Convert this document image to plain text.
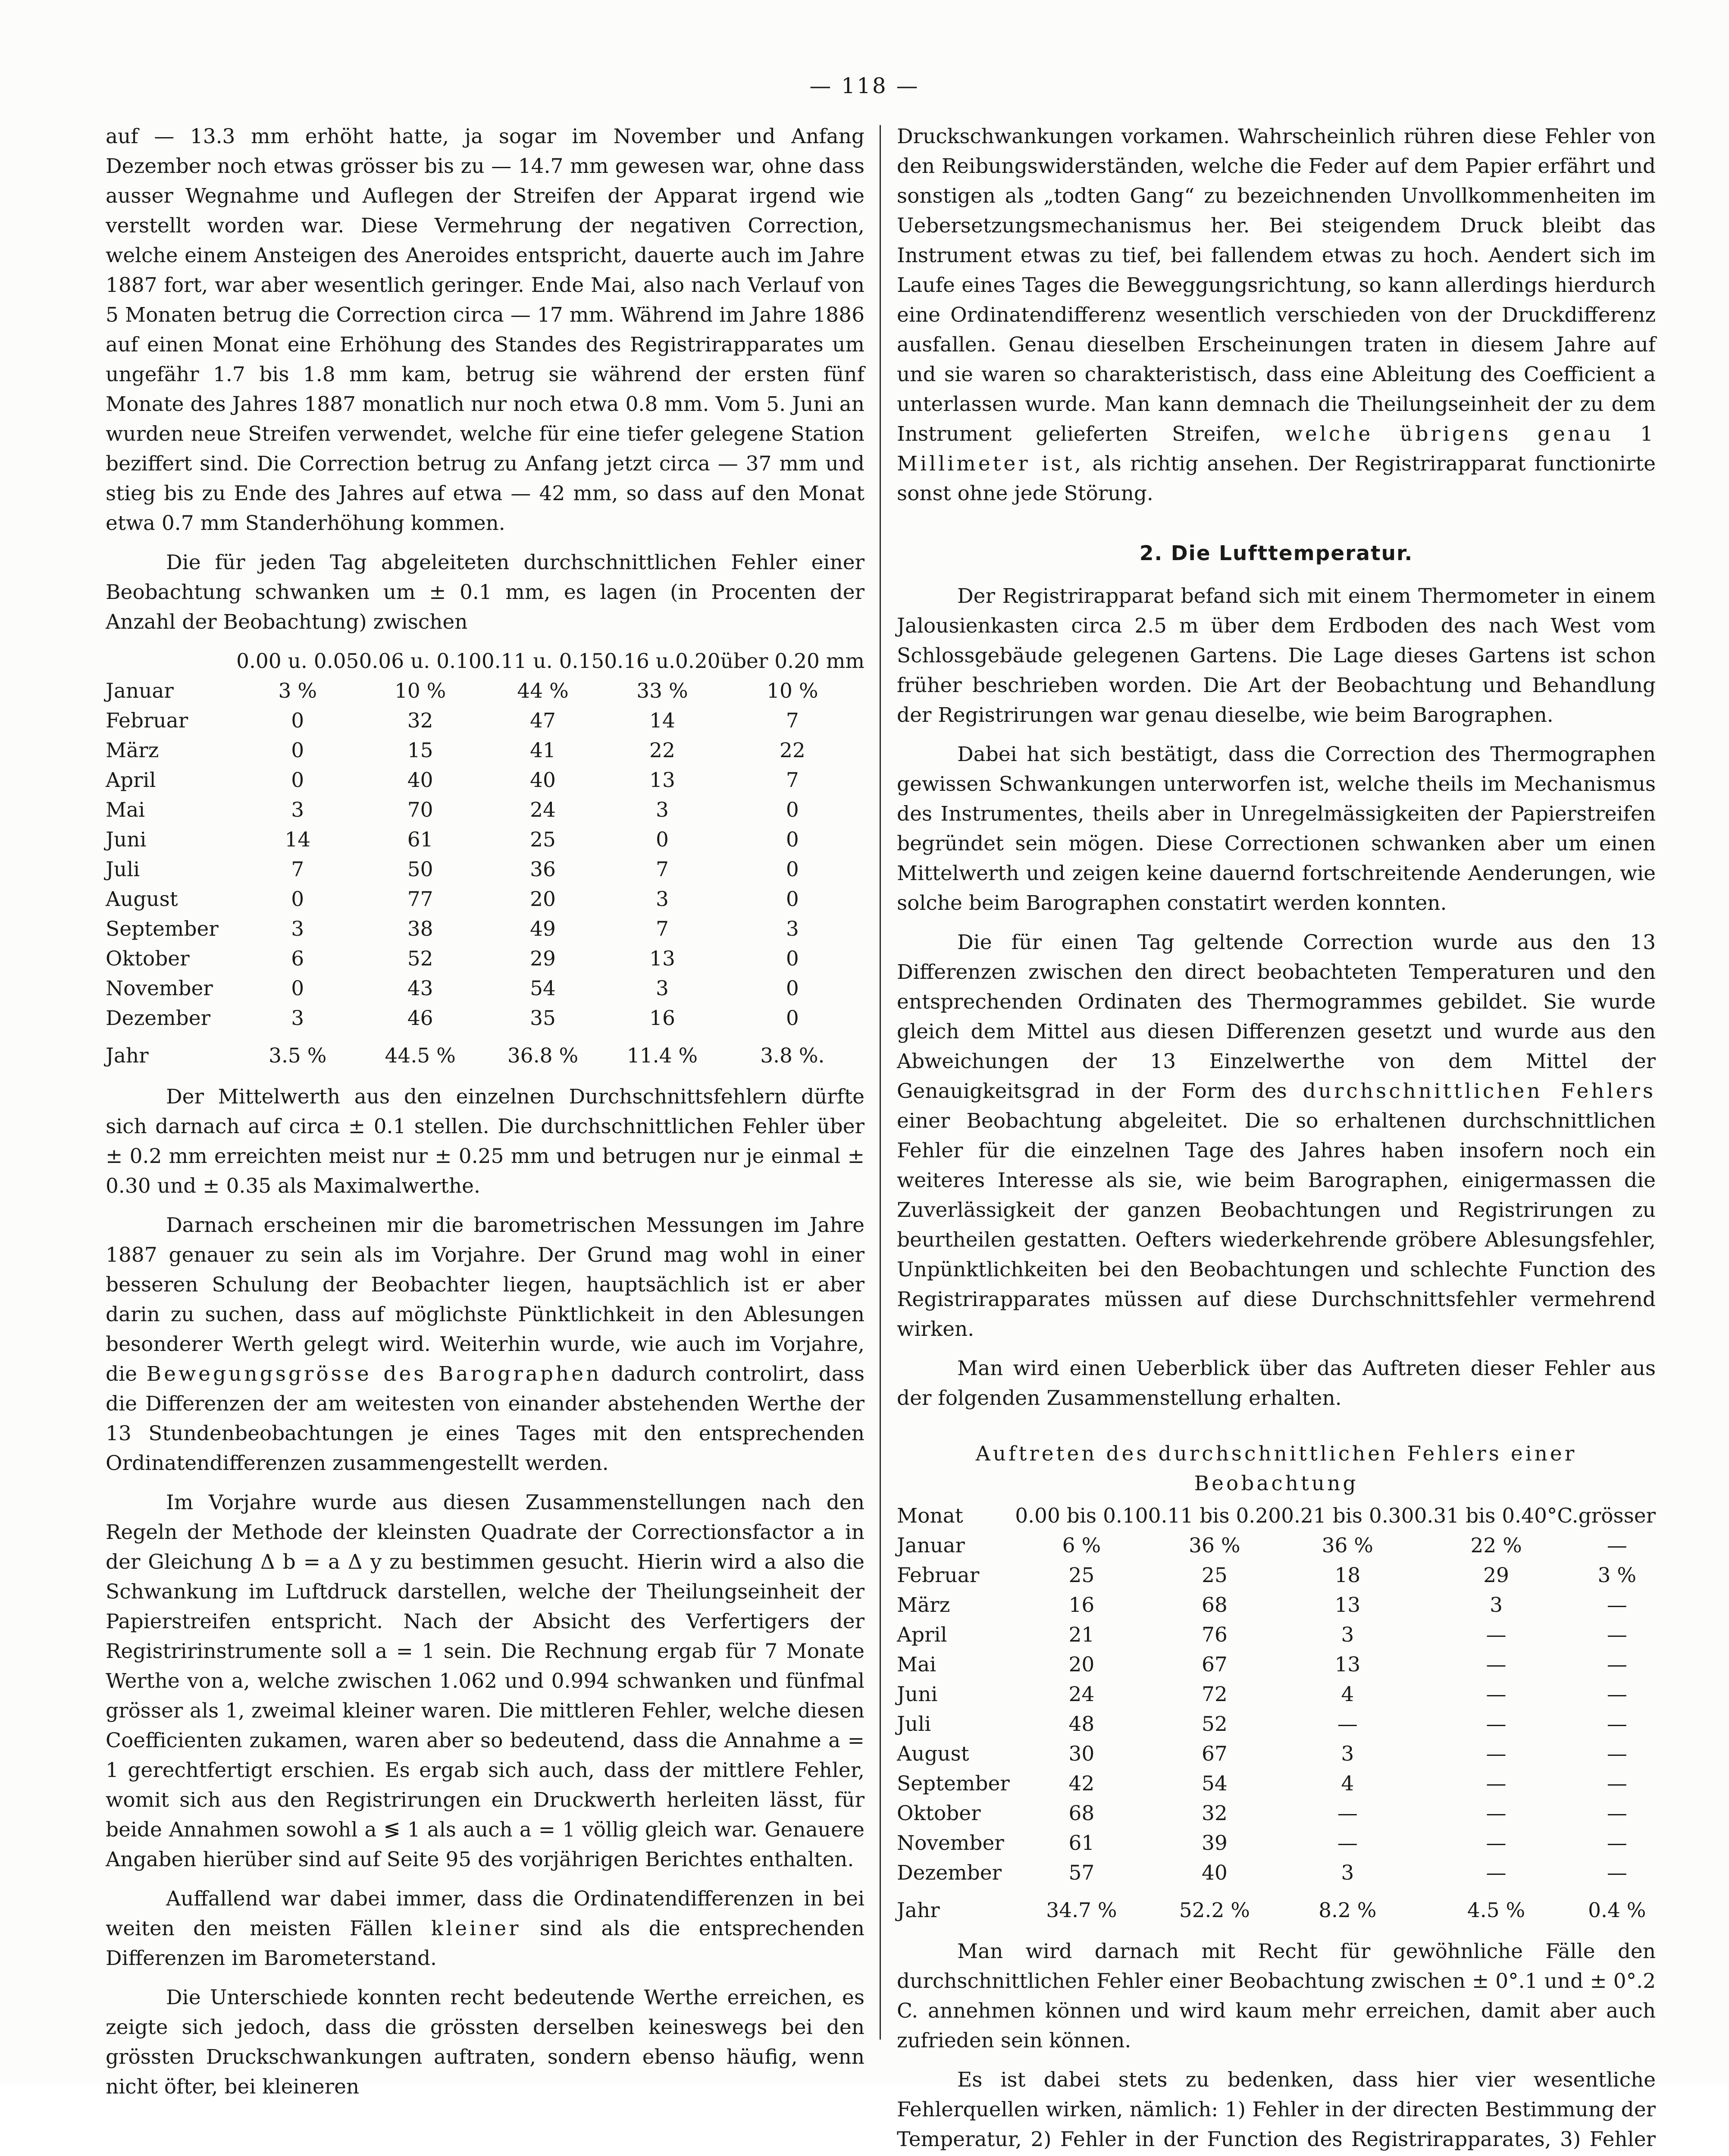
— 118 —

auf — 13.3 mm erhöht hatte, ja sogar im November und Anfang Dezember noch etwas grösser bis zu — 14.7 mm gewesen war, ohne dass ausser Wegnahme und Auflegen der Streifen der Apparat irgend wie verstellt worden war. Diese Vermehrung der negativen Correction, welche einem Ansteigen des Aneroides entspricht, dauerte auch im Jahre 1887 fort, war aber wesentlich geringer. Ende Mai, also nach Verlauf von 5 Monaten betrug die Correction circa — 17 mm. Während im Jahre 1886 auf einen Monat eine Erhöhung des Standes des Registrirapparates um ungefähr 1.7 bis 1.8 mm kam, betrug sie während der ersten fünf Monate des Jahres 1887 monatlich nur noch etwa 0.8 mm. Vom 5. Juni an wurden neue Streifen verwendet, welche für eine tiefer gelegene Station beziffert sind. Die Correction betrug zu Anfang jetzt circa — 37 mm und stieg bis zu Ende des Jahres auf etwa — 42 mm, so dass auf den Monat etwa 0.7 mm Standerhöhung kommen.

Die für jeden Tag abgeleiteten durchschnittlichen Fehler einer Beobachtung schwanken um ± 0.1 mm, es lagen (in Procenten der Anzahl der Beobachtung) zwischen

	0.00 u. 0.05	0.06 u. 0.10	0.11 u. 0.15	0.16 u.0.20	über 0.20 mm
Januar	3 %	10 %	44 %	33 %	10 %
Februar	0	32	47	14	7
März	0	15	41	22	22
April	0	40	40	13	7
Mai	3	70	24	3	0
Juni	14	61	25	0	0
Juli	7	50	36	7	0
August	0	77	20	3	0
September	3	38	49	7	3
Oktober	6	52	29	13	0
November	0	43	54	3	0
Dezember	3	46	35	16	0
Jahr	3.5 %	44.5 %	36.8 %	11.4 %	3.8 %.

Der Mittelwerth aus den einzelnen Durchschnittsfehlern dürfte sich darnach auf circa ± 0.1 stellen. Die durchschnittlichen Fehler über ± 0.2 mm erreichten meist nur ± 0.25 mm und betrugen nur je einmal ± 0.30 und ± 0.35 als Maximalwerthe.

Darnach erscheinen mir die barometrischen Messungen im Jahre 1887 genauer zu sein als im Vorjahre. Der Grund mag wohl in einer besseren Schulung der Beobachter liegen, hauptsächlich ist er aber darin zu suchen, dass auf möglichste Pünktlichkeit in den Ablesungen besonderer Werth gelegt wird. Weiterhin wurde, wie auch im Vorjahre, die Bewegungsgrösse des Barographen dadurch controlirt, dass die Differenzen der am weitesten von einander abstehenden Werthe der 13 Stundenbeobachtungen je eines Tages mit den entsprechenden Ordinatendifferenzen zusammengestellt werden.

Im Vorjahre wurde aus diesen Zusammenstellungen nach den Regeln der Methode der kleinsten Quadrate der Correctionsfactor a in der Gleichung Δ b = a Δ y zu bestimmen gesucht. Hierin wird a also die Schwankung im Luftdruck darstellen, welche der Theilungseinheit der Papierstreifen entspricht. Nach der Absicht des Verfertigers der Registririnstrumente soll a = 1 sein. Die Rechnung ergab für 7 Monate Werthe von a, welche zwischen 1.062 und 0.994 schwanken und fünfmal grösser als 1, zweimal kleiner waren. Die mittleren Fehler, welche diesen Coefficienten zukamen, waren aber so bedeutend, dass die Annahme a = 1 gerechtfertigt erschien. Es ergab sich auch, dass der mittlere Fehler, womit sich aus den Registrirungen ein Druckwerth herleiten lässt, für beide Annahmen sowohl a ≶ 1 als auch a = 1 völlig gleich war. Genauere Angaben hierüber sind auf Seite 95 des vorjährigen Berichtes enthalten.

Auffallend war dabei immer, dass die Ordinatendifferenzen in bei weiten den meisten Fällen kleiner sind als die entsprechenden Differenzen im Barometerstand.

Die Unterschiede konnten recht bedeutende Werthe erreichen, es zeigte sich jedoch, dass die grössten derselben keineswegs bei den grössten Druckschwankungen auftraten, sondern ebenso häufig, wenn nicht öfter, bei kleineren

Druckschwankungen vorkamen. Wahrscheinlich rühren diese Fehler von den Reibungswiderständen, welche die Feder auf dem Papier erfährt und sonstigen als „todten Gang“ zu bezeichnenden Unvollkommenheiten im Uebersetzungsmechanismus her. Bei steigendem Druck bleibt das Instrument etwas zu tief, bei fallendem etwas zu hoch. Aendert sich im Laufe eines Tages die Beweggungsrichtung, so kann allerdings hierdurch eine Ordinatendifferenz wesentlich verschieden von der Druckdifferenz ausfallen. Genau dieselben Erscheinungen traten in diesem Jahre auf und sie waren so charakteristisch, dass eine Ableitung des Coefficient a unterlassen wurde. Man kann demnach die Theilungseinheit der zu dem Instrument gelieferten Streifen, welche übrigens genau 1 Millimeter ist, als richtig ansehen. Der Registrirapparat functionirte sonst ohne jede Störung.

2. Die Lufttemperatur.

Der Registrirapparat befand sich mit einem Thermometer in einem Jalousienkasten circa 2.5 m über dem Erdboden des nach West vom Schlossgebäude gelegenen Gartens. Die Lage dieses Gartens ist schon früher beschrieben worden. Die Art der Beobachtung und Behandlung der Registrirungen war genau dieselbe, wie beim Barographen.

Dabei hat sich bestätigt, dass die Correction des Thermographen gewissen Schwankungen unterworfen ist, welche theils im Mechanismus des Instrumentes, theils aber in Unregelmässigkeiten der Papierstreifen begründet sein mögen. Diese Correctionen schwanken aber um einen Mittelwerth und zeigen keine dauernd fortschreitende Aenderungen, wie solche beim Barographen constatirt werden konnten.

Die für einen Tag geltende Correction wurde aus den 13 Differenzen zwischen den direct beobachteten Temperaturen und den entsprechenden Ordinaten des Thermogrammes gebildet. Sie wurde gleich dem Mittel aus diesen Differenzen gesetzt und wurde aus den Abweichungen der 13 Einzelwerthe von dem Mittel der Genauigkeitsgrad in der Form des durchschnittlichen Fehlers einer Beobachtung abgeleitet. Die so erhaltenen durchschnittlichen Fehler für die einzelnen Tage des Jahres haben insofern noch ein weiteres Interesse als sie, wie beim Barographen, einigermassen die Zuverlässigkeit der ganzen Beobachtungen und Registrirungen zu beurtheilen gestatten. Oefters wiederkehrende gröbere Ablesungsfehler, Unpünktlichkeiten bei den Beobachtungen und schlechte Function des Registrirapparates müssen auf diese Durchschnittsfehler vermehrend wirken.

Man wird einen Ueberblick über das Auftreten dieser Fehler aus der folgenden Zusammenstellung erhalten.

Auftreten des durchschnittlichen Fehlers einer Beobachtung
Monat	0.00 bis 0.10	0.11 bis 0.20	0.21 bis 0.30	0.31 bis 0.40°C.	grösser
Januar	6 %	36 %	36 %	22 %	—
Februar	25	25	18	29	3 %
März	16	68	13	3	—
April	21	76	3	—	—
Mai	20	67	13	—	—
Juni	24	72	4	—	—
Juli	48	52	—	—	—
August	30	67	3	—	—
September	42	54	4	—	—
Oktober	68	32	—	—	—
November	61	39	—	—	—
Dezember	57	40	3	—	—
Jahr	34.7 %	52.2 %	8.2 %	4.5 %	0.4 %

Man wird darnach mit Recht für gewöhnliche Fälle den durchschnittlichen Fehler einer Beobachtung zwischen ± 0°.1 und ± 0°.2 C. annehmen können und wird kaum mehr erreichen, damit aber auch zufrieden sein können.

Es ist dabei stets zu bedenken, dass hier vier wesentliche Fehlerquellen wirken, nämlich: 1) Fehler in der directen Bestimmung der Temperatur, 2) Fehler in der Function des Registrirapparates, 3) Fehler
